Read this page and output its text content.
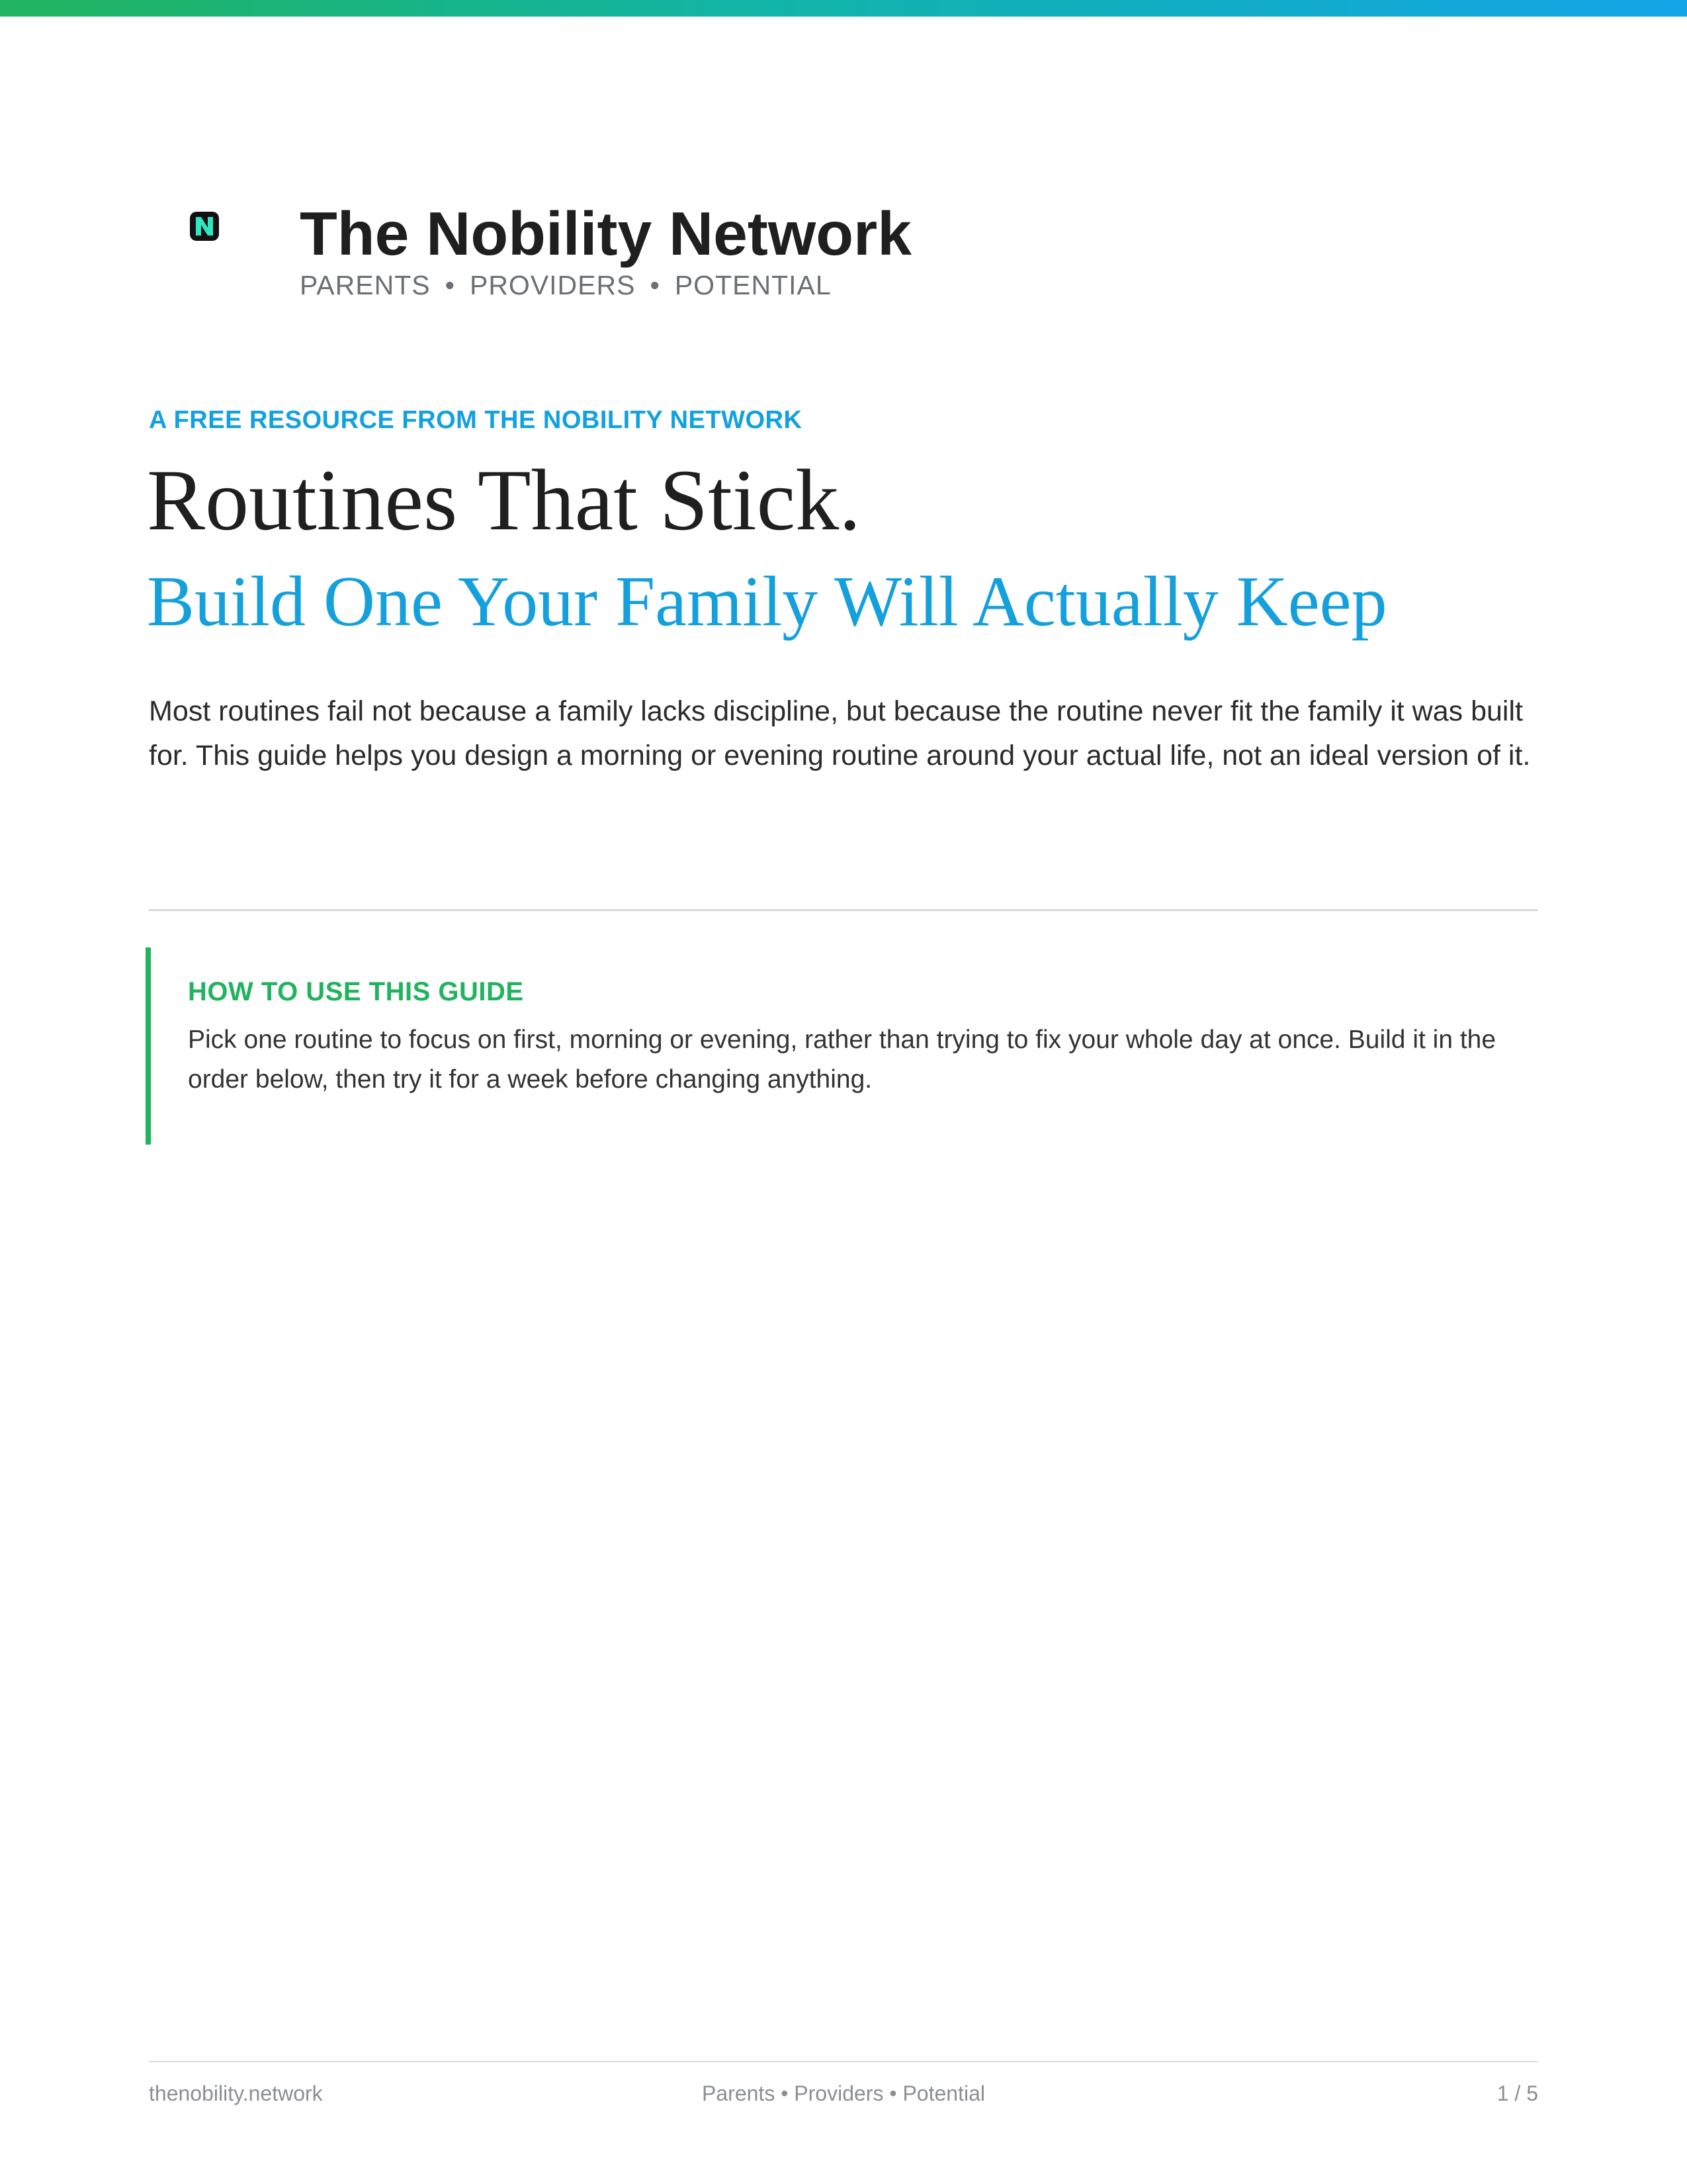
The Nobility Network
PARENTS • PROVIDERS • POTENTIAL
A FREE RESOURCE FROM THE NOBILITY NETWORK
Routines That Stick.
Build One Your Family Will Actually Keep

Most routines fail not because a family lacks discipline, but because the routine never fit the family it was built for. This guide helps you design a morning or evening routine around your actual life, not an ideal version of it.

HOW TO USE THIS GUIDE

Pick one routine to focus on first, morning or evening, rather than trying to fix your whole day at once. Build it in the order below, then try it for a week before changing anything.

thenobility.network	Parents • Providers • Potential	1 / 5
